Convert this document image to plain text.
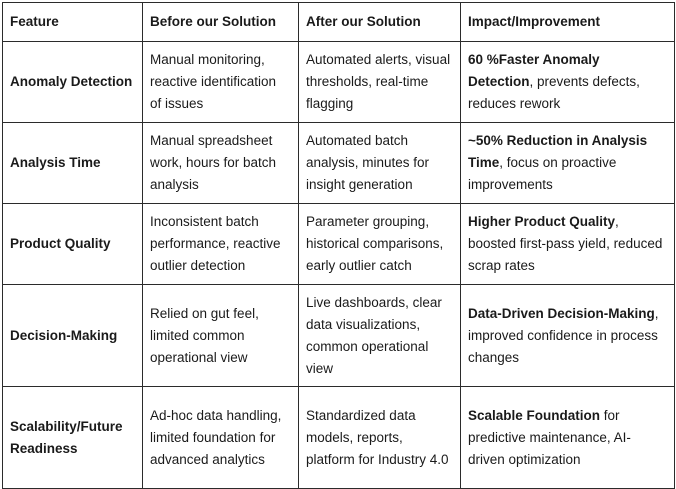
Feature	Before our Solution	After our Solution	Impact/Improvement
Anomaly Detection	Manual monitoring, reactive identification of issues	Automated alerts, visual thresholds, real-time flagging	60 %Faster Anomaly Detection, prevents defects, reduces rework
Analysis Time	Manual spreadsheet work, hours for batch analysis	Automated batch analysis, minutes for insight generation	~50% Reduction in Analysis Time, focus on proactive improvements
Product Quality	Inconsistent batch performance, reactive outlier detection	Parameter grouping, historical comparisons, early outlier catch	Higher Product Quality, boosted first-pass yield, reduced scrap rates
Decision-Making	Relied on gut feel, limited common operational view	Live dashboards, clear data visualizations, common operational view	Data-Driven Decision-Making, improved confidence in process changes
Scalability/Future Readiness	Ad-hoc data handling, limited foundation for advanced analytics	Standardized data models, reports, platform for Industry 4.0	Scalable Foundation for predictive maintenance, AI-driven optimization
